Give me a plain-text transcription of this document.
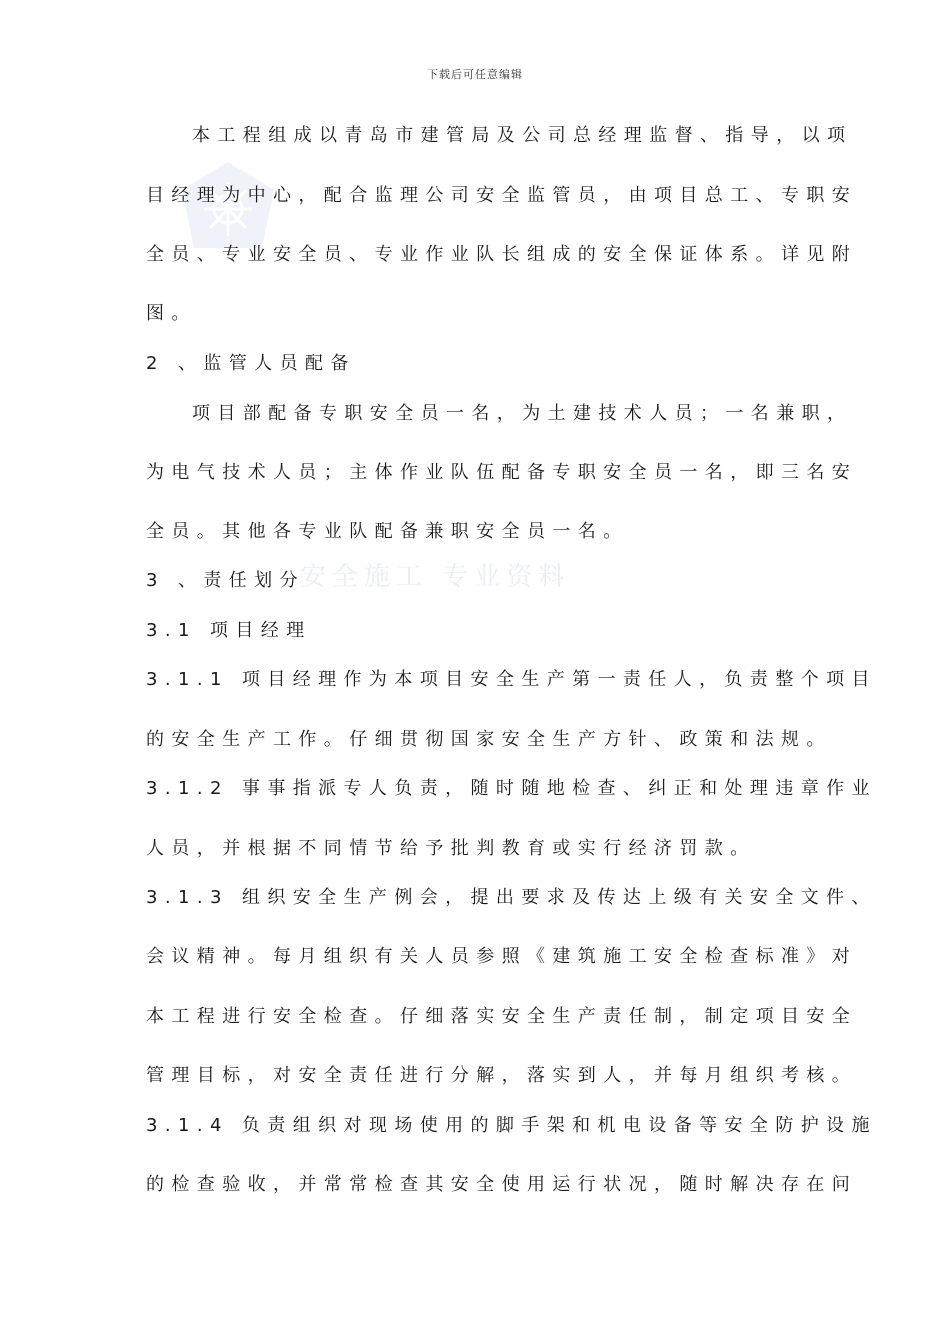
下载后可任意编辑
安全施工 专业资料
本工程组成以青岛市建管局及公司总经理监督、指导，以项
目经理为中心，配合监理公司安全监管员，由项目总工、专职安
全员、专业安全员、专业作业队长组成的安全保证体系。详见附
图。
2 、监管人员配备
项目部配备专职安全员一名，为土建技术人员；一名兼职，
为电气技术人员；主体作业队伍配备专职安全员一名，即三名安
全员。其他各专业队配备兼职安全员一名。
3 、责任划分
3.1 项目经理
3.1.1 项目经理作为本项目安全生产第一责任人，负责整个项目
的安全生产工作。仔细贯彻国家安全生产方针、政策和法规。
3.1.2 事事指派专人负责，随时随地检查、纠正和处理违章作业
人员，并根据不同情节给予批判教育或实行经济罚款。
3.1.3 组织安全生产例会，提出要求及传达上级有关安全文件、
会议精神。每月组织有关人员参照《建筑施工安全检查标准》对
本工程进行安全检查。仔细落实安全生产责任制，制定项目安全
管理目标，对安全责任进行分解，落实到人，并每月组织考核。
3.1.4 负责组织对现场使用的脚手架和机电设备等安全防护设施
的检查验收，并常常检查其安全使用运行状况，随时解决存在问
